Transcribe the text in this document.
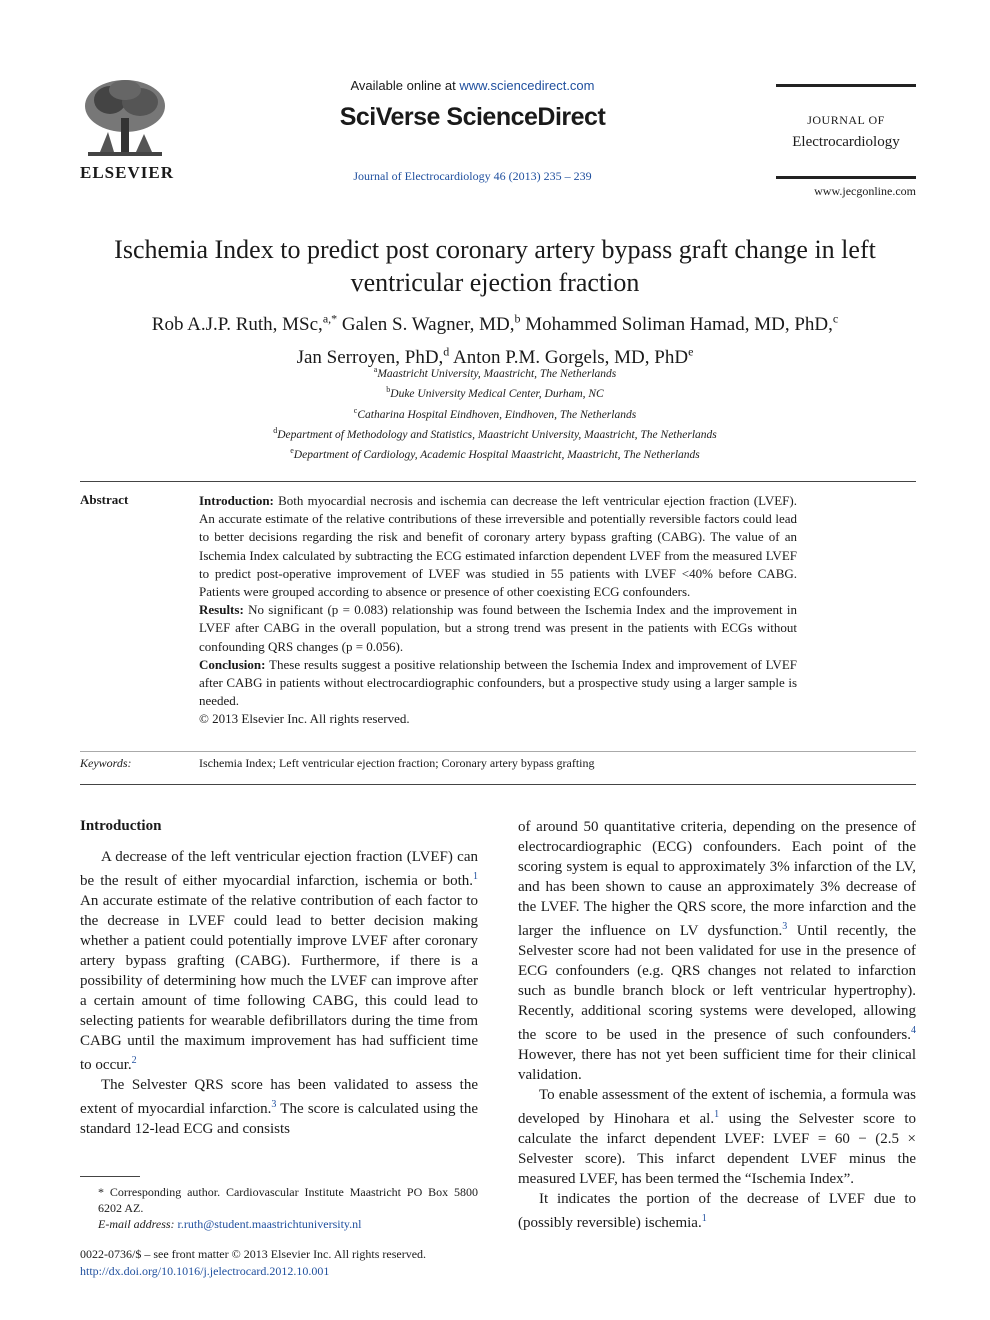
ELSEVIER
Available online at www.sciencedirect.com
SciVerse ScienceDirect
Journal of Electrocardiology 46 (2013) 235 – 239
JOURNAL OF
Electrocardiology
www.jecgonline.com
Ischemia Index to predict post coronary artery bypass graft change in left ventricular ejection fraction
Rob A.J.P. Ruth, MSc,$^{a,*}$ Galen S. Wagner, MD,$^b$ Mohammed Soliman Hamad, MD, PhD,$^c$
Jan Serroyen, PhD,$^d$ Anton P.M. Gorgels, MD, PhD$^e$
$^a$Maastricht University, Maastricht, The Netherlands
$^b$Duke University Medical Center, Durham, NC
$^c$Catharina Hospital Eindhoven, Eindhoven, The Netherlands
$^d$Department of Methodology and Statistics, Maastricht University, Maastricht, The Netherlands
$^e$Department of Cardiology, Academic Hospital Maastricht, Maastricht, The Netherlands
Abstract	Introduction: Both myocardial necrosis and ischemia can decrease the left ventricular ejection fraction (LVEF). An accurate estimate of the relative contributions of these irreversible and potentially reversible factors could lead to better decisions regarding the risk and benefit of coronary artery bypass grafting (CABG). The value of an Ischemia Index calculated by subtracting the ECG estimated infarction dependent LVEF from the measured LVEF to predict post-operative improvement of LVEF was studied in 55 patients with LVEF <40% before CABG. Patients were grouped according to absence or presence of other coexisting ECG confounders.

Results: No significant (p = 0.083) relationship was found between the Ischemia Index and the improvement in LVEF after CABG in the overall population, but a strong trend was present in the patients with ECGs without confounding QRS changes (p = 0.056).

Conclusion: These results suggest a positive relationship between the Ischemia Index and improvement of LVEF after CABG in patients without electrocardiographic confounders, but a prospective study using a larger sample is needed.

© 2013 Elsevier Inc. All rights reserved.

Keywords:	Ischemia Index; Left ventricular ejection fraction; Coronary artery bypass grafting
Introduction

A decrease of the left ventricular ejection fraction (LVEF) can be the result of either myocardial infarction, ischemia or both.$^1$ An accurate estimate of the relative contribution of each factor to the decrease in LVEF could lead to better decision making whether a patient could potentially improve LVEF after coronary artery bypass grafting (CABG). Furthermore, if there is a possibility of determining how much the LVEF can improve after a certain amount of time following CABG, this could lead to selecting patients for wearable defibrillators during the time from CABG until the maximum improvement has had sufficient time to occur.$^2$

The Selvester QRS score has been validated to assess the extent of myocardial infarction.$^3$ The score is calculated using the standard 12-lead ECG and consists

of around 50 quantitative criteria, depending on the presence of electrocardiographic (ECG) confounders. Each point of the scoring system is equal to approximately 3% infarction of the LV, and has been shown to cause an approximately 3% decrease of the LVEF. The higher the QRS score, the more infarction and the larger the influence on LV dysfunction.$^3$ Until recently, the Selvester score had not been validated for use in the presence of ECG confounders (e.g. QRS changes not related to infarction such as bundle branch block or left ventricular hypertrophy). Recently, additional scoring systems were developed, allowing the score to be used in the presence of such confounders.$^4$ However, there has not yet been sufficient time for their clinical validation.

To enable assessment of the extent of ischemia, a formula was developed by Hinohara et al.$^1$ using the Selvester score to calculate the infarct dependent LVEF: LVEF = 60 − (2.5 × Selvester score). This infarct dependent LVEF minus the measured LVEF, has been termed the “Ischemia Index”.

It indicates the portion of the decrease of LVEF due to (possibly reversible) ischemia.$^1$

* Corresponding author. Cardiovascular Institute Maastricht PO Box 5800 6202 AZ.
E-mail address: r.ruth@student.maastrichtuniversity.nl
0022-0736/$ – see front matter © 2013 Elsevier Inc. All rights reserved.
http://dx.doi.org/10.1016/j.jelectrocard.2012.10.001
